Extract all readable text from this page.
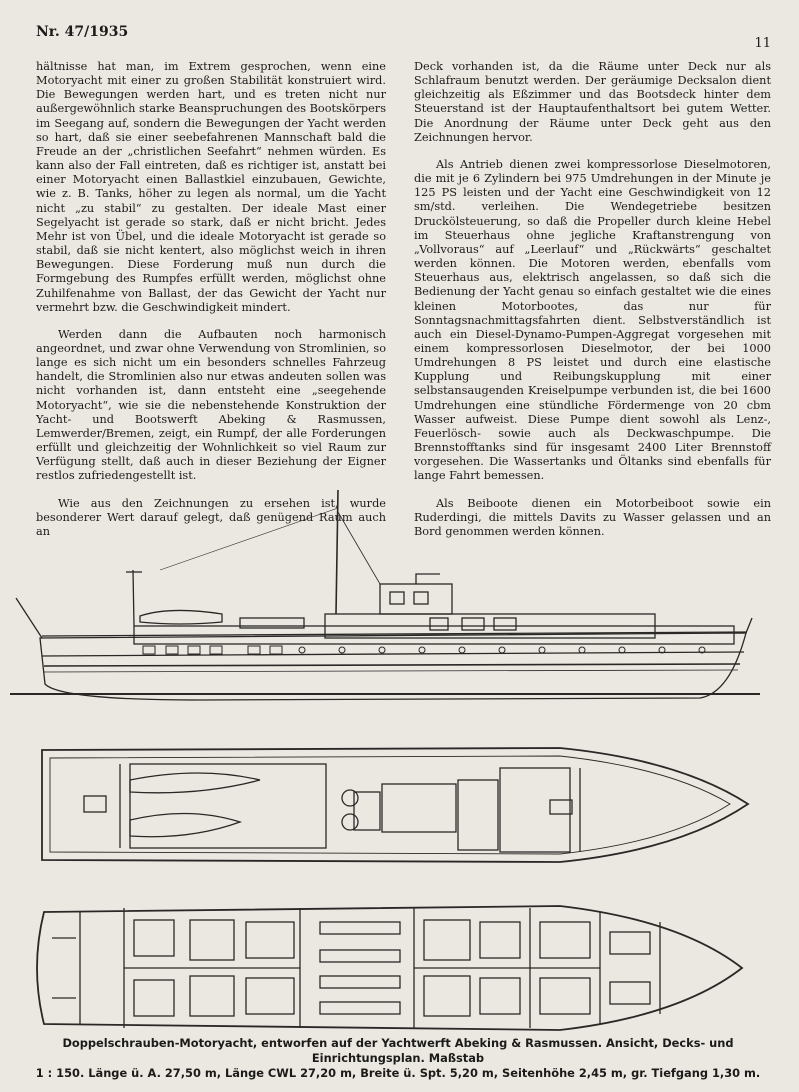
Nr. 47/1935
11

hältnisse hat man, im Extrem gesprochen, wenn eine Motoryacht mit einer zu großen Stabilität konstruiert wird. Die Bewegungen werden hart, und es treten nicht nur außergewöhnlich starke Beanspruchungen des Bootskörpers im Seegang auf, sondern die Bewegungen der Yacht werden so hart, daß sie einer seebefahrenen Mannschaft bald die Freude an der „christlichen Seefahrt“ nehmen würden. Es kann also der Fall eintreten, daß es richtiger ist, anstatt bei einer Motoryacht einen Ballastkiel einzubauen, Gewichte, wie z. B. Tanks, höher zu legen als normal, um die Yacht nicht „zu stabil“ zu gestalten. Der ideale Mast einer Segelyacht ist gerade so stark, daß er nicht bricht. Jedes Mehr ist von Übel, und die ideale Motoryacht ist gerade so stabil, daß sie nicht kentert, also möglichst weich in ihren Bewegungen. Diese Forderung muß nun durch die Formgebung des Rumpfes erfüllt werden, möglichst ohne Zuhilfenahme von Ballast, der das Gewicht der Yacht nur vermehrt bzw. die Geschwindigkeit mindert.

Werden dann die Aufbauten noch harmonisch angeordnet, und zwar ohne Verwendung von Stromlinien, so lange es sich nicht um ein besonders schnelles Fahrzeug handelt, die Stromlinien also nur etwas andeuten sollen was nicht vorhanden ist, dann entsteht eine „seegehende Motoryacht“, wie sie die nebenstehende Konstruktion der Yacht- und Bootswerft Abeking & Rasmussen, Lemwerder/Bremen, zeigt, ein Rumpf, der alle Forderungen erfüllt und gleichzeitig der Wohnlichkeit so viel Raum zur Verfügung stellt, daß auch in dieser Beziehung der Eigner restlos zufriedengestellt ist.

Wie aus den Zeichnungen zu ersehen ist, wurde besonderer Wert darauf gelegt, daß genügend Raum auch an

Deck vorhanden ist, da die Räume unter Deck nur als Schlafraum benutzt werden. Der geräumige Decksalon dient gleichzeitig als Eßzimmer und das Bootsdeck hinter dem Steuerstand ist der Hauptaufenthaltsort bei gutem Wetter. Die Anordnung der Räume unter Deck geht aus den Zeichnungen hervor.

Als Antrieb dienen zwei kompressorlose Dieselmotoren, die mit je 6 Zylindern bei 975 Umdrehungen in der Minute je 125 PS leisten und der Yacht eine Geschwindigkeit von 12 sm/std. verleihen. Die Wendegetriebe besitzen Druckölsteuerung, so daß die Propeller durch kleine Hebel im Steuerhaus ohne jegliche Kraftanstrengung von „Vollvoraus“ auf „Leerlauf“ und „Rückwärts“ geschaltet werden können. Die Motoren werden, ebenfalls vom Steuerhaus aus, elektrisch angelassen, so daß sich die Bedienung der Yacht genau so einfach gestaltet wie die eines kleinen Motorbootes, das nur für Sonntagsnachmittagsfahrten dient. Selbstverständlich ist auch ein Diesel-Dynamo-Pumpen-Aggregat vorgesehen mit einem kompressorlosen Dieselmotor, der bei 1000 Umdrehungen 8 PS leistet und durch eine elastische Kupplung und Reibungskupplung mit einer selbstansaugenden Kreiselpumpe verbunden ist, die bei 1600 Umdrehungen eine stündliche Fördermenge von 20 cbm Wasser aufweist. Diese Pumpe dient sowohl als Lenz-, Feuerlösch- sowie auch als Deckwaschpumpe. Die Brennstofftanks sind für insgesamt 2400 Liter Brennstoff vorgesehen. Die Wassertanks und Öltanks sind ebenfalls für lange Fahrt bemessen.

Als Beiboote dienen ein Motorbeiboot sowie ein Ruderdingi, die mittels Davits zu Wasser gelassen und an Bord genommen werden können.

Doppelschrauben-Motoryacht, entworfen auf der Yachtwerft Abeking & Rasmussen. Ansicht, Decks- und Einrichtungsplan. Maßstab
1 : 150. Länge ü. A. 27,50 m, Länge CWL 27,20 m, Breite ü. Spt. 5,20 m, Seitenhöhe 2,45 m, gr. Tiefgang 1,30 m.
